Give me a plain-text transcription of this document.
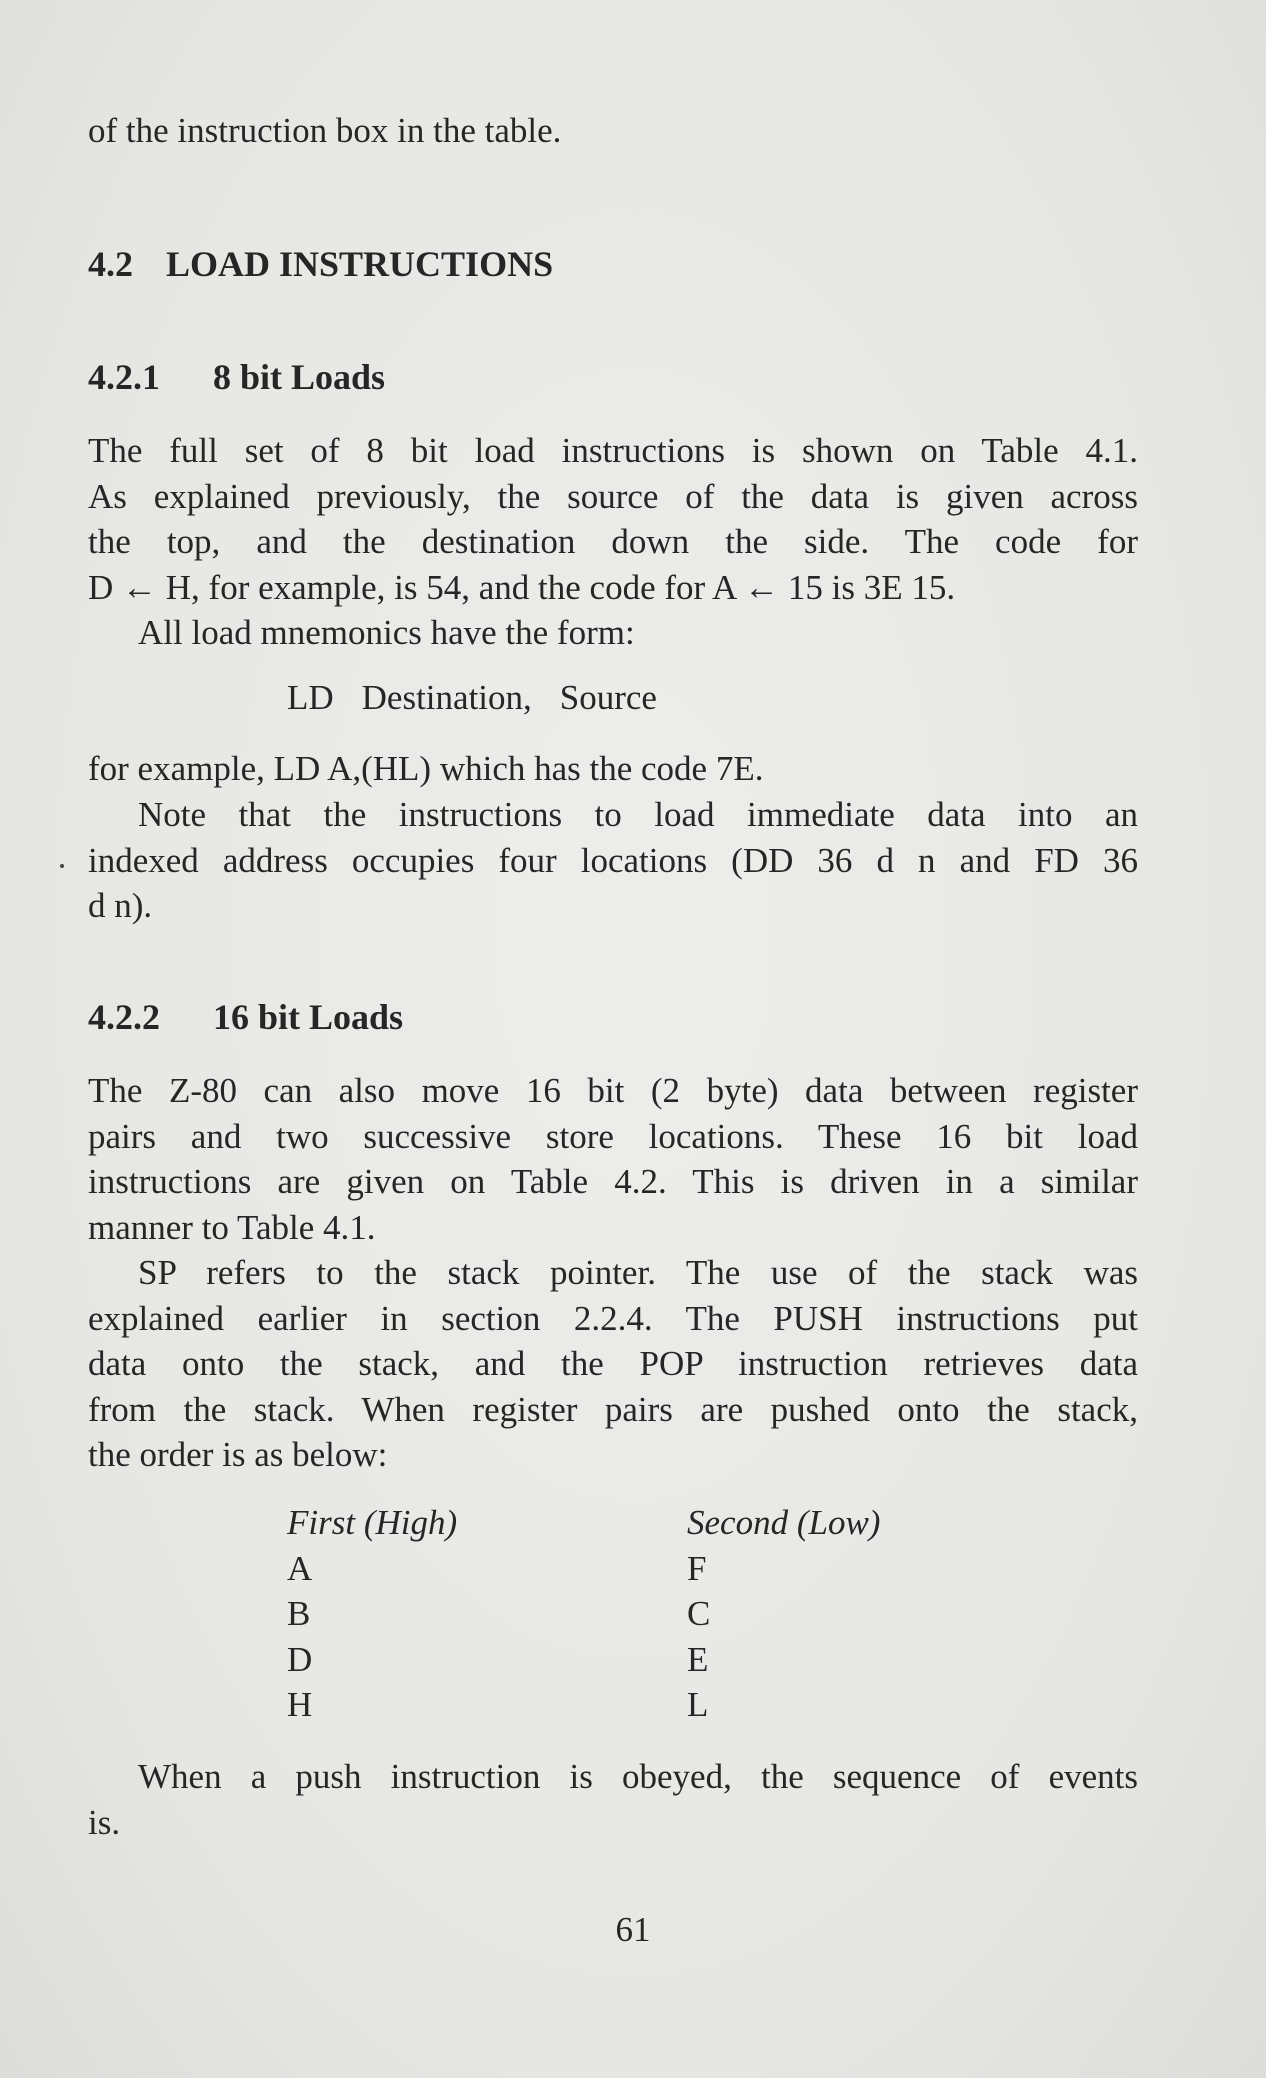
of the instruction box in the table.
4.2 LOAD INSTRUCTIONS
4.2.1 8 bit Loads
The full set of 8 bit load instructions is shown on Table 4.1.
As explained previously, the source of the data is given across
the top, and the destination down the side. The code for
D ← H, for example, is 54, and the code for A ← 15 is 3E 15.
All load mnemonics have the form:
LD Destination, Source
for example, LD A,(HL) which has the code 7E.
Note that the instructions to load immediate data into an
indexed address occupies four locations (DD 36 d n and FD 36
d n).
4.2.2 16 bit Loads
The Z-80 can also move 16 bit (2 byte) data between register
pairs and two successive store locations. These 16 bit load
instructions are given on Table 4.2. This is driven in a similar
manner to Table 4.1.
SP refers to the stack pointer. The use of the stack was
explained earlier in section 2.2.4. The PUSH instructions put
data onto the stack, and the POP instruction retrieves data
from the stack. When register pairs are pushed onto the stack,
the order is as below:
First (High)
A
B
D
H
Second (Low)
F
C
E
L
When a push instruction is obeyed, the sequence of events
is.
61
